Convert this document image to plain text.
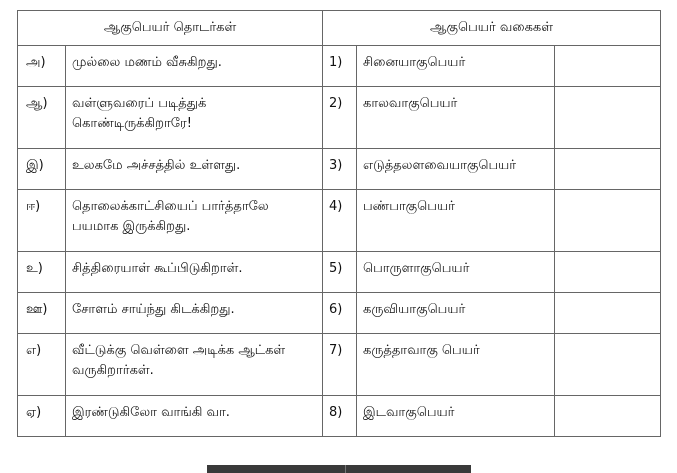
ஆகுபெயர் தொடர்கள்		ஆகுபெயர் வகைகள்		
அ)	முல்லை மணம் வீசுகிறது.	1)	சினையாகுபெயர்	
ஆ)	வள்ளுவரைப் படித்துக் கொண்டிருக்கிறாரே!	2)	காலவாகுபெயர்	
இ)	உலகமே அச்சத்தில் உள்ளது.	3)	எடுத்தலளவையாகுபெயர்	
ஈ)	தொலைக்காட்சியைப் பார்த்தாலே பயமாக இருக்கிறது.	4)	பண்பாகுபெயர்	
உ)	சித்திரையாள் கூப்பிடுகிறாள்.	5)	பொருளாகுபெயர்	
ஊ)	சோளம் சாய்ந்து கிடக்கிறது.	6)	கருவியாகுபெயர்	
எ)	வீட்டுக்கு வெள்ளை அடிக்க ஆட்கள் வருகிறார்கள்.	7)	கருத்தாவாகு பெயர்	
ஏ)	இரண்டுகிலோ வாங்கி வா.	8)	இடவாகுபெயர்	
